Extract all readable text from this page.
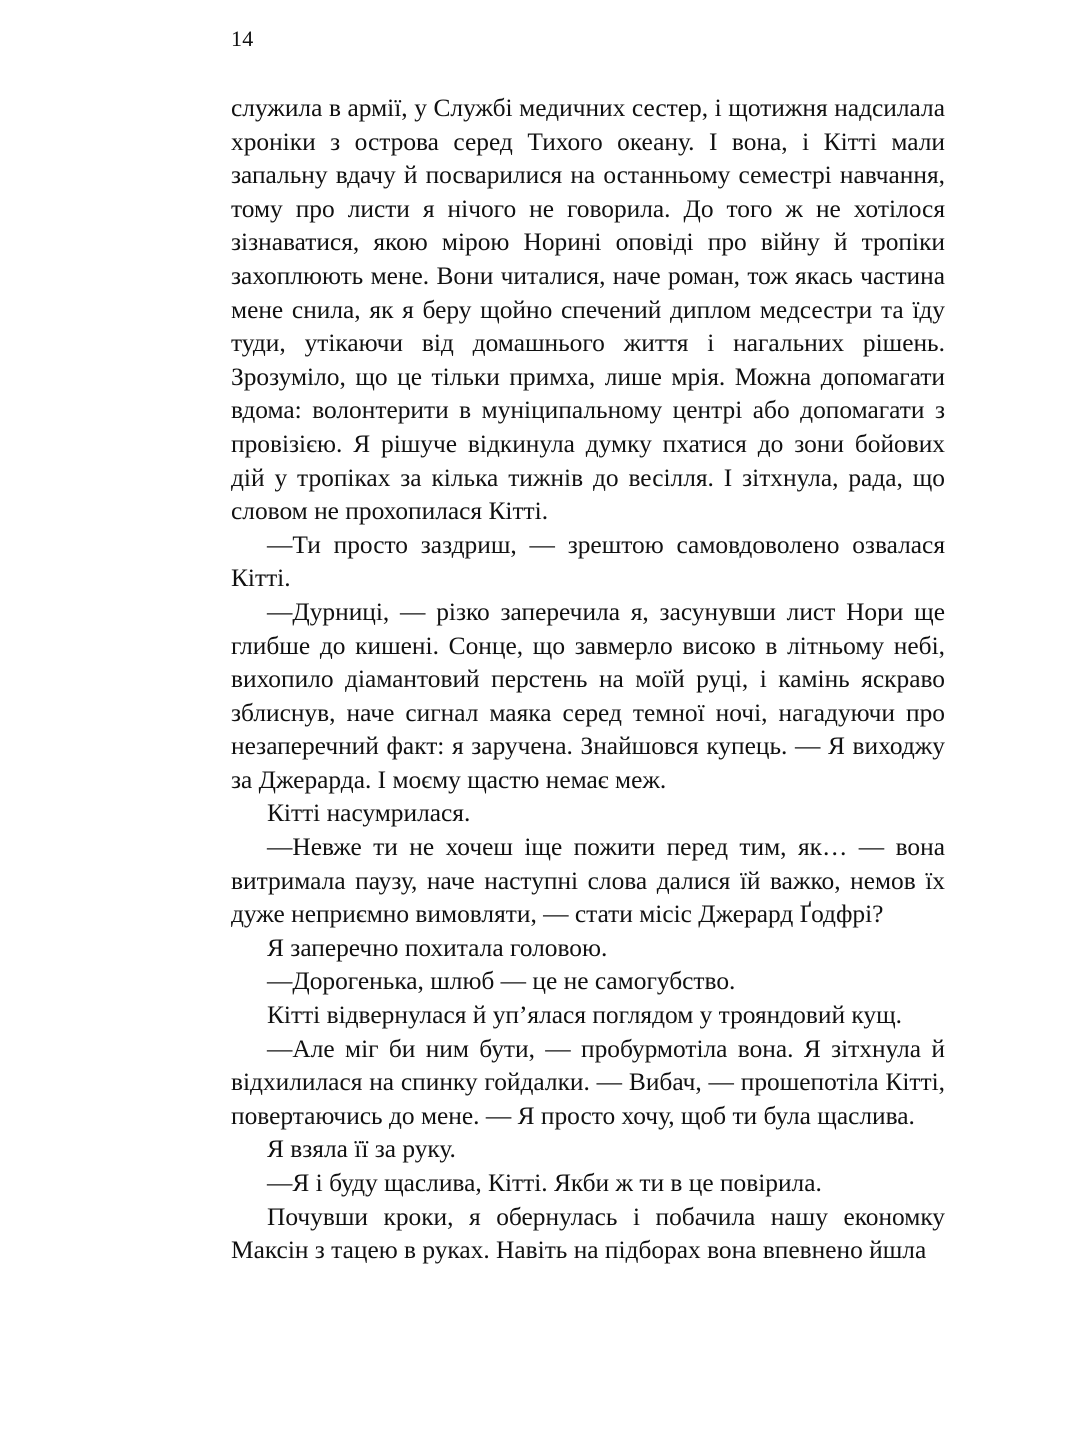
14

служила в армії, у Службі медичних сестер, і щотижня надсилала хроніки з острова серед Тихого океану. І вона, і Кітті мали запальну вдачу й посварилися на останньому семестрі навчання, тому про листи я нічого не говорила. До того ж не хотілося зізнаватися, якою мірою Норині оповіді про війну й тропіки захоплюють мене. Вони читалися, наче роман, тож якась частина мене снила, як я беру щойно спечений диплом медсестри та їду туди, утікаючи від домашнього життя і нагальних рішень. Зрозуміло, що це тільки примха, лише мрія. Можна допомагати вдома: волонтерити в муніципальному центрі або допомагати з провізією. Я рішуче відкинула думку пхатися до зони бойових дій у тропіках за кілька тижнів до весілля. І зітхнула, рада, що словом не прохопилася Кітті.

—Ти просто заздриш, — зрештою самовдоволено озвалася Кітті.

—Дурниці, — різко заперечила я, засунувши лист Нори ще глибше до кишені. Сонце, що завмерло високо в літньому небі, вихопило діамантовий перстень на моїй руці, і камінь яскраво зблиснув, наче сигнал маяка серед темної ночі, нагадуючи про незаперечний факт: я заручена. Знайшовся купець. — Я виходжу за Джерарда. І моєму щастю немає меж.

Кітті насумрилася.

—Невже ти не хочеш іще пожити перед тим, як… — вона витримала паузу, наче наступні слова далися їй важко, немов їх дуже неприємно вимовляти, — стати місіс Джерард Ґодфрі?

Я заперечно похитала головою.

—Дорогенька, шлюб — це не самогубство.

Кітті відвернулася й уп’ялася поглядом у трояндовий кущ.

—Але міг би ним бути, — пробурмотіла вона. Я зітхнула й відхилилася на спинку гойдалки. — Вибач, — прошепотіла Кітті, повертаючись до мене. — Я просто хочу, щоб ти була щаслива.

Я взяла її за руку.

—Я і буду щаслива, Кітті. Якби ж ти в це повірила.

Почувши кроки, я обернулась і побачила нашу економку Максін з тацею в руках. Навіть на підборах вона впевнено йшла
